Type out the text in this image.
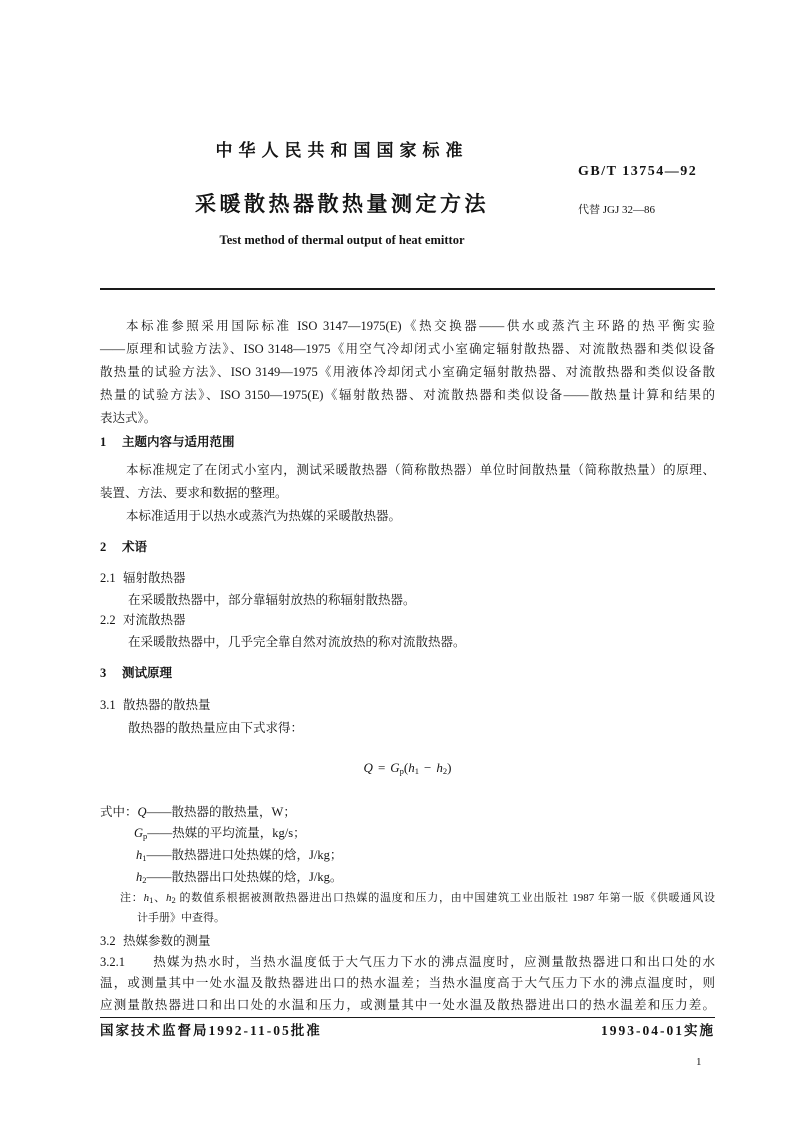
中华人民共和国国家标准
GB/T 13754—92
采暖散热器散热量测定方法	代替 JGJ 32—86
Test method of thermal output of heat emittor
本标准参照采用国际标准 ISO 3147—1975(E)《热交换器——供水或蒸汽主环路的热平衡实验
——原理和试验方法》、ISO 3148—1975《用空气冷却闭式小室确定辐射散热器、对流散热器和类似设备
散热量的试验方法》、ISO 3149—1975《用液体冷却闭式小室确定辐射散热器、对流散热器和类似设备散
热量的试验方法》、ISO 3150—1975(E)《辐射散热器、对流散热器和类似设备——散热量计算和结果的
表达式》。
1 主题内容与适用范围
本标准规定了在闭式小室内，测试采暖散热器（简称散热器）单位时间散热量（简称散热量）的原理、
装置、方法、要求和数据的整理。
本标准适用于以热水或蒸汽为热媒的采暖散热器。
2 术语
2.1 辐射散热器
在采暖散热器中，部分靠辐射放热的称辐射散热器。
2.2 对流散热器
在采暖散热器中，几乎完全靠自然对流放热的称对流散热器。
3 测试原理
3.1 散热器的散热量
散热器的散热量应由下式求得：
$Q = G_p(h_1 - h_2)$
式中：Q——散热器的散热量，W；
$G_p——$热媒的平均流量，kg/s；
$h_1——$散热器进口处热媒的焓，J/kg；
$h_2——$散热器出口处热媒的焓，J/kg。
注：$h_1$、$h_2$ 的数值系根据被测散热器进出口热媒的温度和压力，由中国建筑工业出版社 1987 年第一版《供暖通风设
计手册》中查得。
3.2 热媒参数的测量
3.2.1 热媒为热水时，当热水温度低于大气压力下水的沸点温度时，应测量散热器进口和出口处的水
温，或测量其中一处水温及散热器进出口的热水温差；当热水温度高于大气压力下水的沸点温度时，则
应测量散热器进口和出口处的水温和压力，或测量其中一处水温及散热器进出口的热水温差和压力差。
国家技术监督局1992-11-05批准	1993-04-01实施
1
